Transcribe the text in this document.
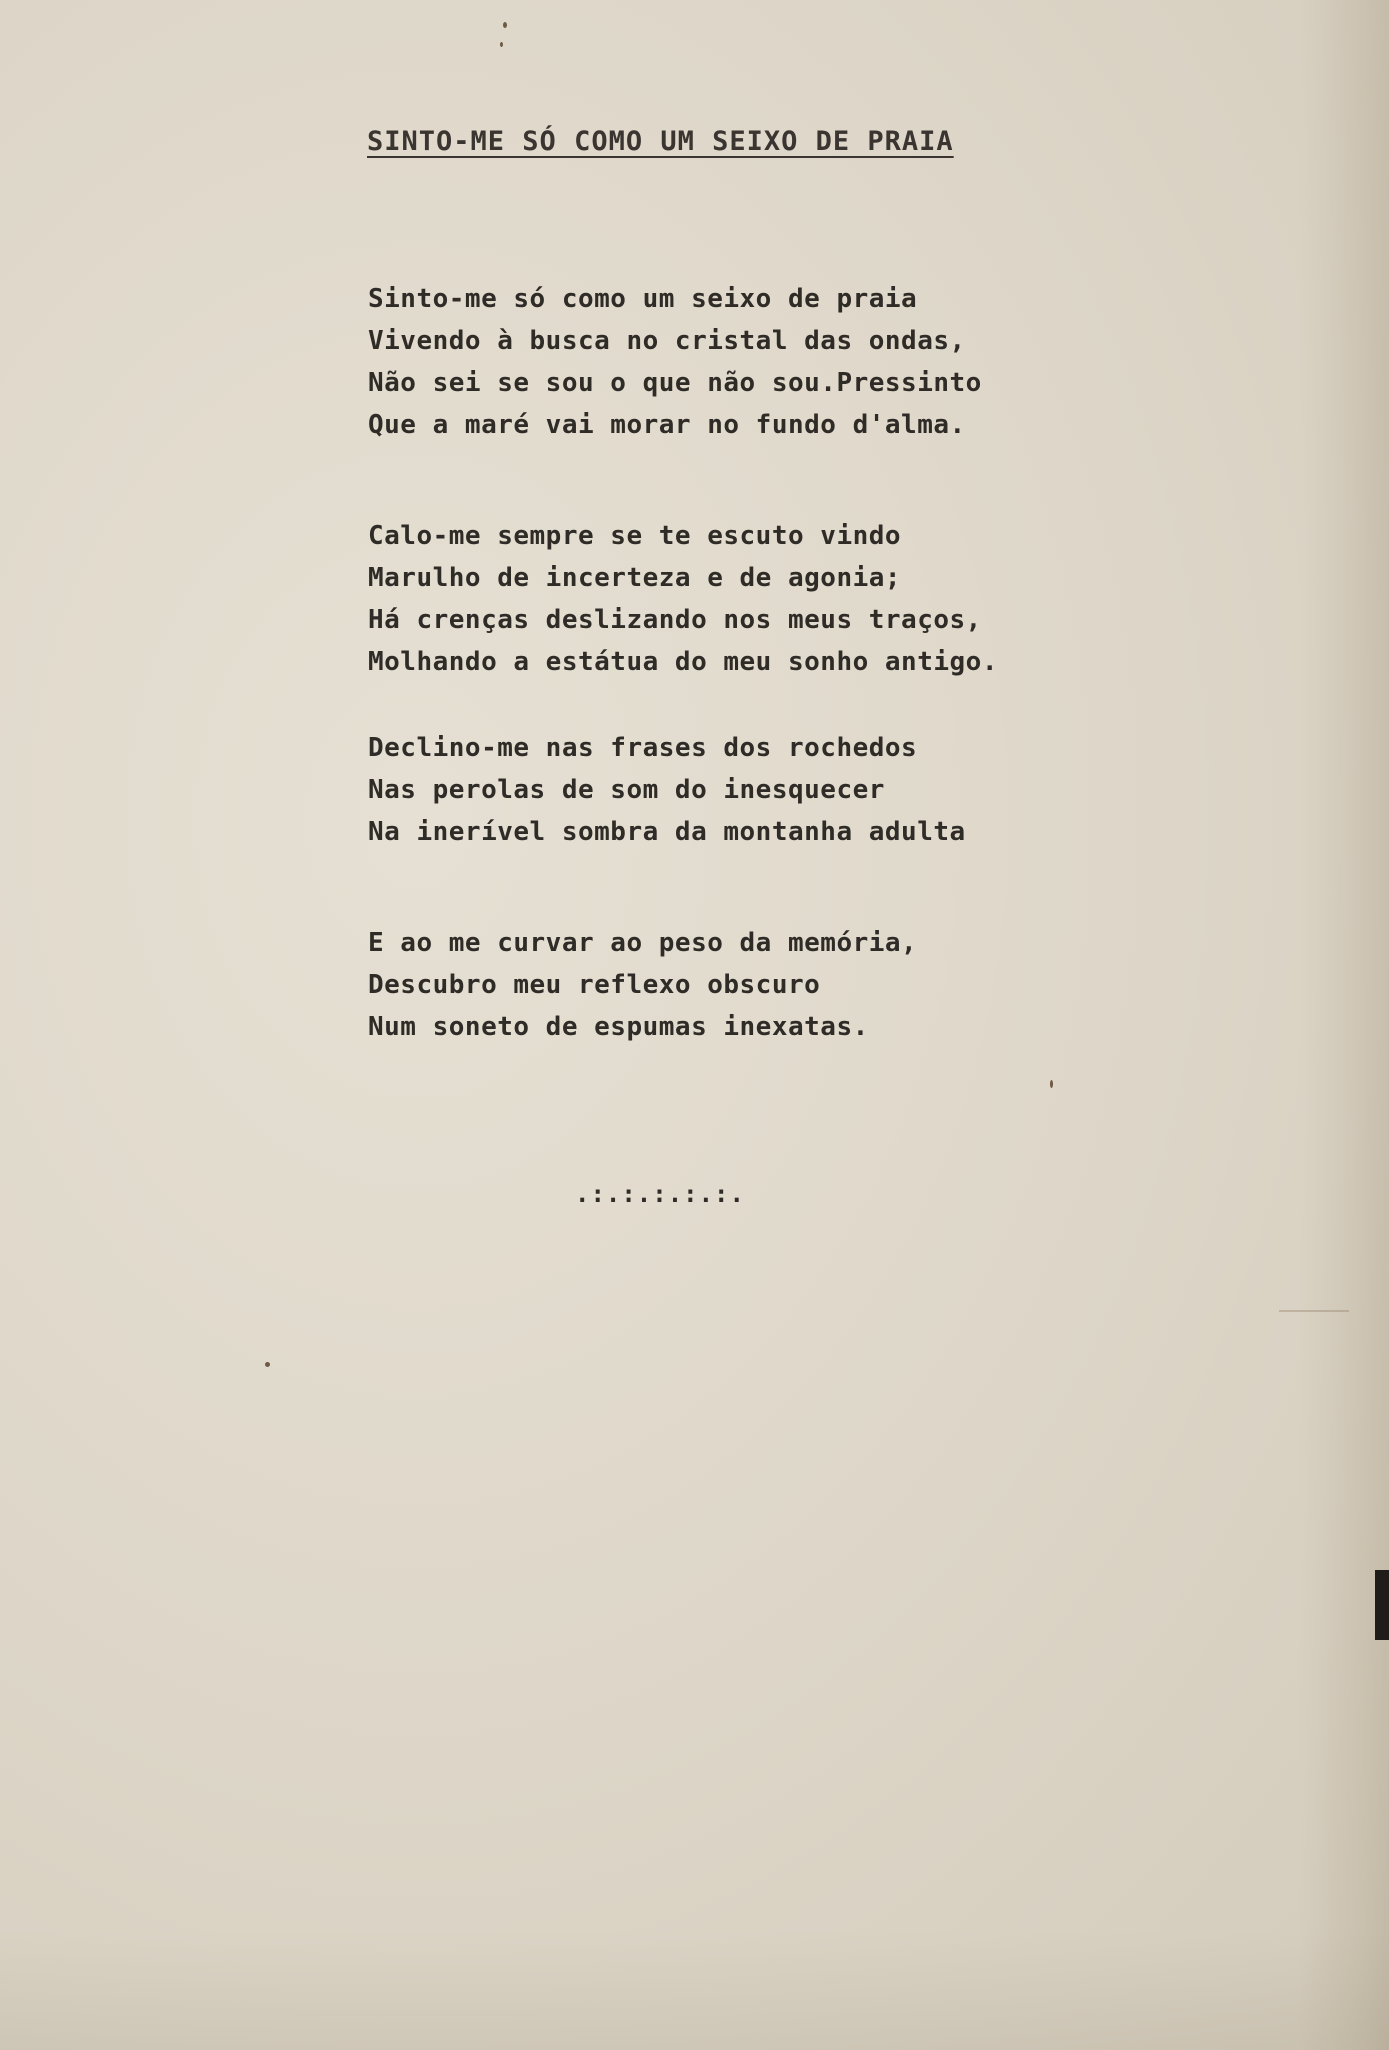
SINTO-ME SÓ COMO UM SEIXO DE PRAIA
Sinto-me só como um seixo de praia
Vivendo à busca no cristal das ondas,
Não sei se sou o que não sou.Pressinto
Que a maré vai morar no fundo d'alma.
Calo-me sempre se te escuto vindo
Marulho de incerteza e de agonia;
Há crenças deslizando nos meus traços,
Molhando a estátua do meu sonho antigo.
Declino-me nas frases dos rochedos
Nas perolas de som do inesquecer
Na inerível sombra da montanha adulta
E ao me curvar ao peso da memória,
Descubro meu reflexo obscuro
Num soneto de espumas inexatas.
.:.:.:.:.:.
